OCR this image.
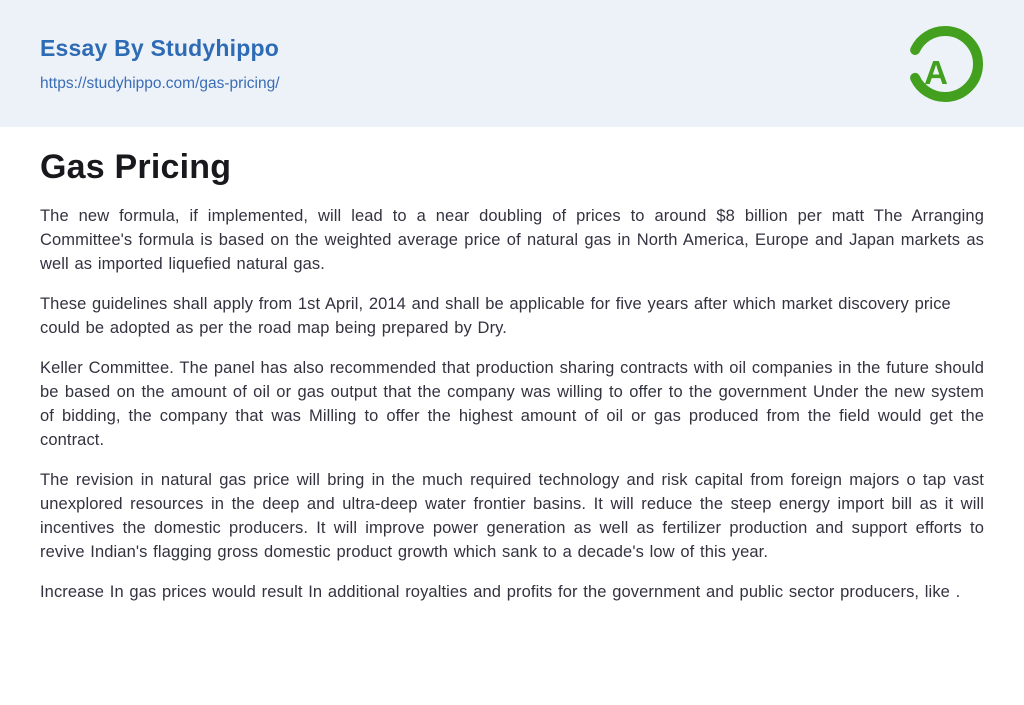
Essay By Studyhippo
https://studyhippo.com/gas-pricing/	A
Gas Pricing

The new formula, if implemented, will lead to a near doubling of prices to around $8 billion per matt The Arranging Committee's formula is based on the weighted average price of natural gas in North America, Europe and Japan markets as well as imported liquefied natural gas.

These guidelines shall apply from 1st April, 2014 and shall be applicable for five years after which market discovery price could be adopted as per the road map being prepared by Dry.

Keller Committee. The panel has also recommended that production sharing contracts with oil companies in the future should be based on the amount of oil or gas output that the company was willing to offer to the government Under the new system of bidding, the company that was Milling to offer the highest amount of oil or gas produced from the field would get the contract.

The revision in natural gas price will bring in the much required technology and risk capital from foreign majors o tap vast unexplored resources in the deep and ultra-deep water frontier basins. It will reduce the steep energy import bill as it will incentives the domestic producers. It will improve power generation as well as fertilizer production and support efforts to revive Indian's flagging gross domestic product growth which sank to a decade's low of this year.

Increase In gas prices would result In additional royalties and profits for the government and public sector producers, like .
